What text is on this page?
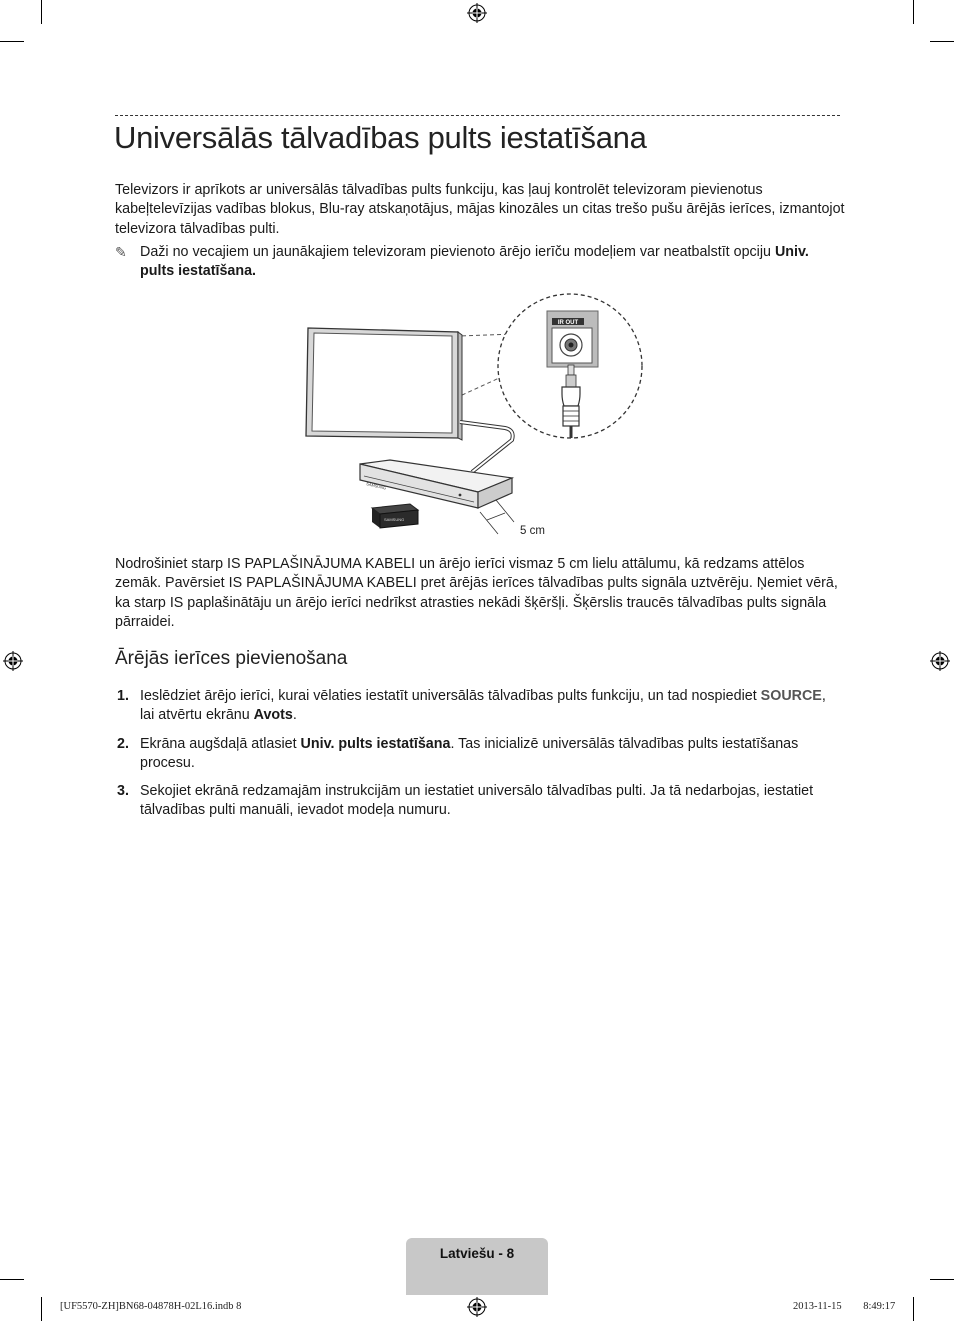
Universālās tālvadības pults iestatīšana

Televizors ir aprīkots ar universālās tālvadības pults funkciju, kas ļauj kontrolēt televizoram pievienotus kabeļtelevīzijas vadības blokus, Blu-ray atskaņotājus, mājas kinozāles un citas trešo pušu ārējās ierīces, izmantojot televizora tālvadības pulti.

✎ Daži no vecajiem un jaunākajiem televizoram pievienoto ārējo ierīču modeļiem var neatbalstīt opciju Univ. pults iestatīšana.
SAMSUNG
SAMSUNG
5 cm
IR OUT

Nodrošiniet starp IS PAPLAŠINĀJUMA KABELI un ārējo ierīci vismaz 5 cm lielu attālumu, kā redzams attēlos zemāk. Pavērsiet IS PAPLAŠINĀJUMA KABELI pret ārējās ierīces tālvadības pults signāla uztvērēju. Ņemiet vērā, ka starp IS paplašinātāju un ārējo ierīci nedrīkst atrasties nekādi šķēršļi. Šķērslis traucēs tālvadības pults signāla pārraidei.

Ārējās ierīces pievienošana
1. Ieslēdziet ārējo ierīci, kurai vēlaties iestatīt universālās tālvadības pults funkciju, un tad nospiediet SOURCE, lai atvērtu ekrānu Avots.
2. Ekrāna augšdaļā atlasiet Univ. pults iestatīšana. Tas inicializē universālās tālvadības pults iestatīšanas procesu.
3. Sekojiet ekrānā redzamajām instrukcijām un iestatiet universālo tālvadības pulti. Ja tā nedarbojas, iestatiet tālvadības pulti manuāli, ievadot modeļa numuru.
Latviešu - 8
[UF5570-ZH]BN68-04878H-02L16.indb 8	2013-11-15 ￿￿ 8:49:17
